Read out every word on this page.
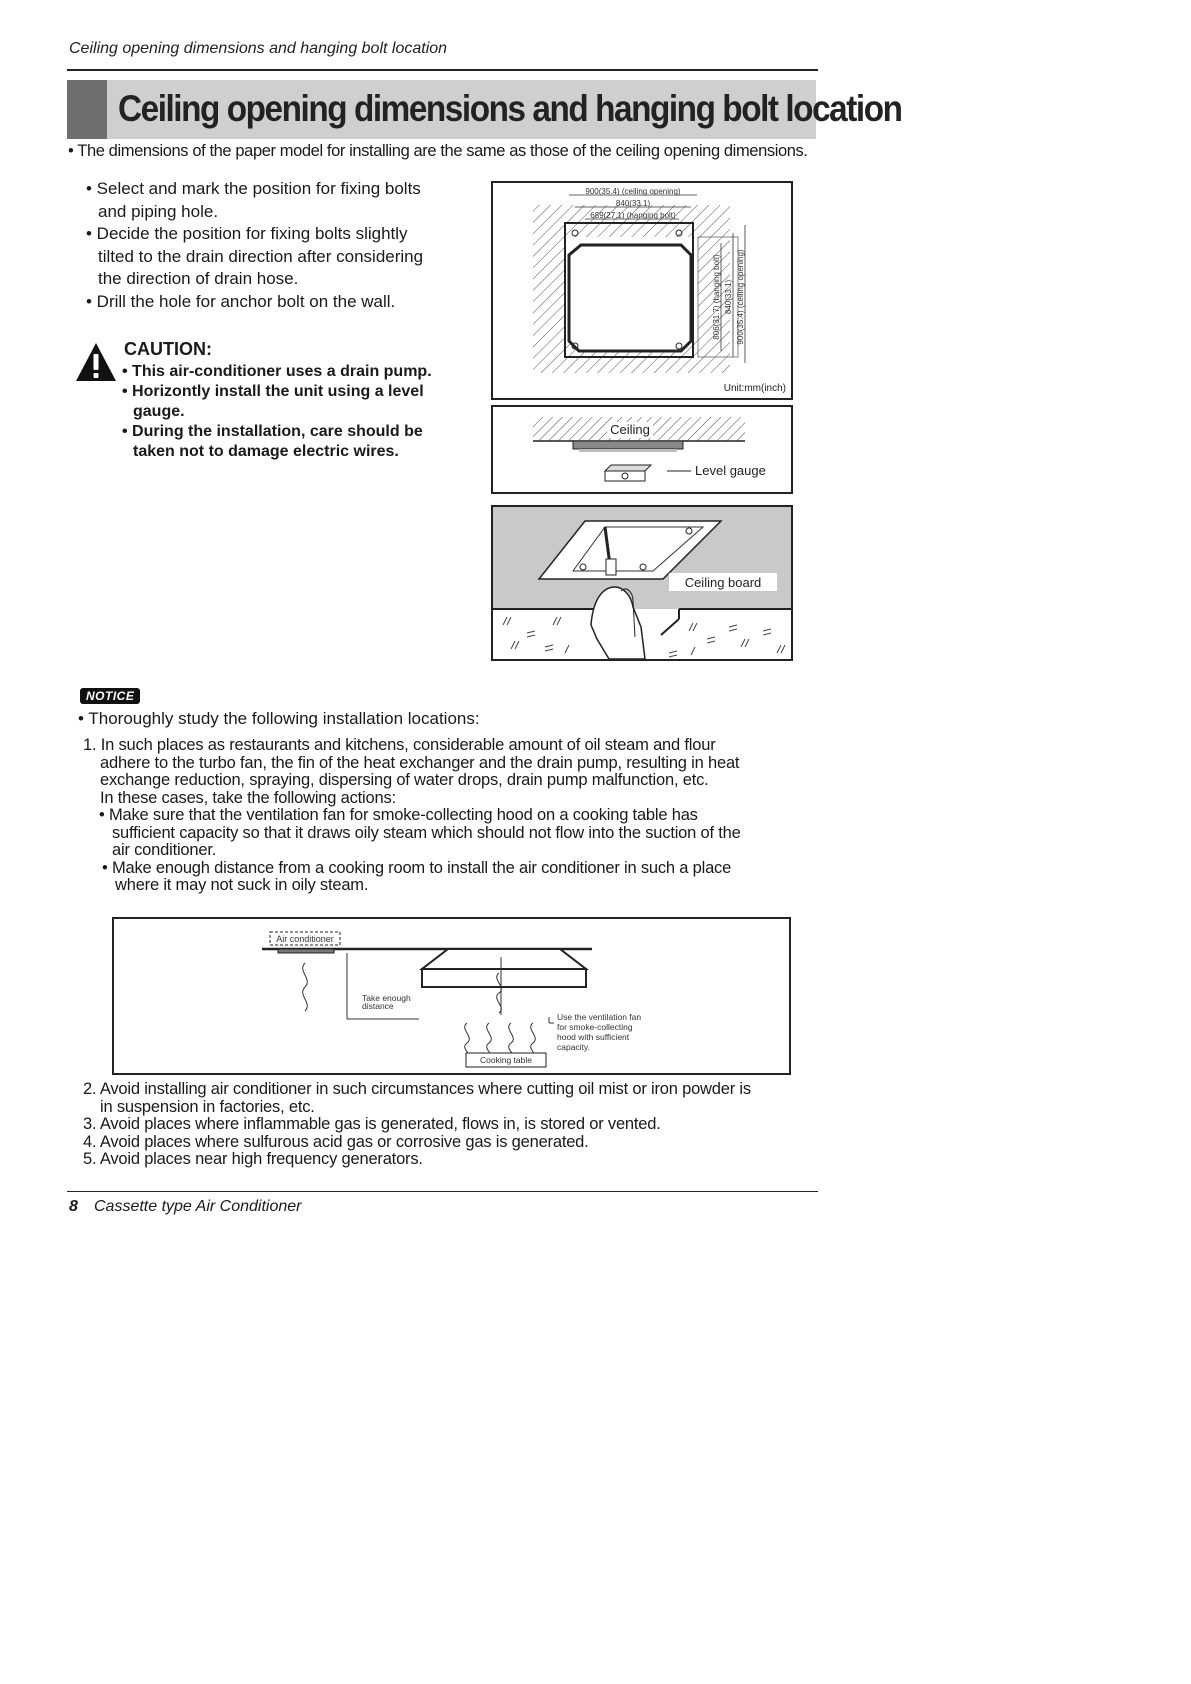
Ceiling opening dimensions and hanging bolt location
Ceiling opening dimensions and hanging bolt location
• The dimensions of the paper model for installing are the same as those of the ceiling opening dimensions.
• Select and mark the position for fixing bolts and piping hole.
• Decide the position for fixing bolts slightly tilted to the drain direction after considering the direction of drain hose.
• Drill the hole for anchor bolt on the wall.
CAUTION:
• This air-conditioner uses a drain pump.
• Horizontly install the unit using a level gauge.
• During the installation, care should be taken not to damage electric wires.
900(35.4) (ceiling opening)
840(33.1)
689(27.1) (hanging bolt)
806(31.7) (hanging bolt) 840(33.1) 900(35.4) (ceiling opening)
Unit:mm(inch)
Ceiling
Level gauge
Ceiling board
NOTICE
• Thoroughly study the following installation locations:
1. In such places as restaurants and kitchens, considerable amount of oil steam and flour
adhere to the turbo fan, the fin of the heat exchanger and the drain pump, resulting in heat
exchange reduction, spraying, dispersing of water drops, drain pump malfunction, etc.
In these cases, take the following actions:
• Make sure that the ventilation fan for smoke-collecting hood on a cooking table has
sufficient capacity so that it draws oily steam which should not flow into the suction of the
air conditioner.
• Make enough distance from a cooking room to install the air conditioner in such a place
where it may not suck in oily steam.
Air conditioner
Take enough
distance
Use the ventilation fan
for smoke-collecting
hood with sufficient
capacity.
Cooking table
2. Avoid installing air conditioner in such circumstances where cutting oil mist or iron powder is
in suspension in factories, etc.
3. Avoid places where inflammable gas is generated, flows in, is stored or vented.
4. Avoid places where sulfurous acid gas or corrosive gas is generated.
5. Avoid places near high frequency generators.
8 Cassette type Air Conditioner
